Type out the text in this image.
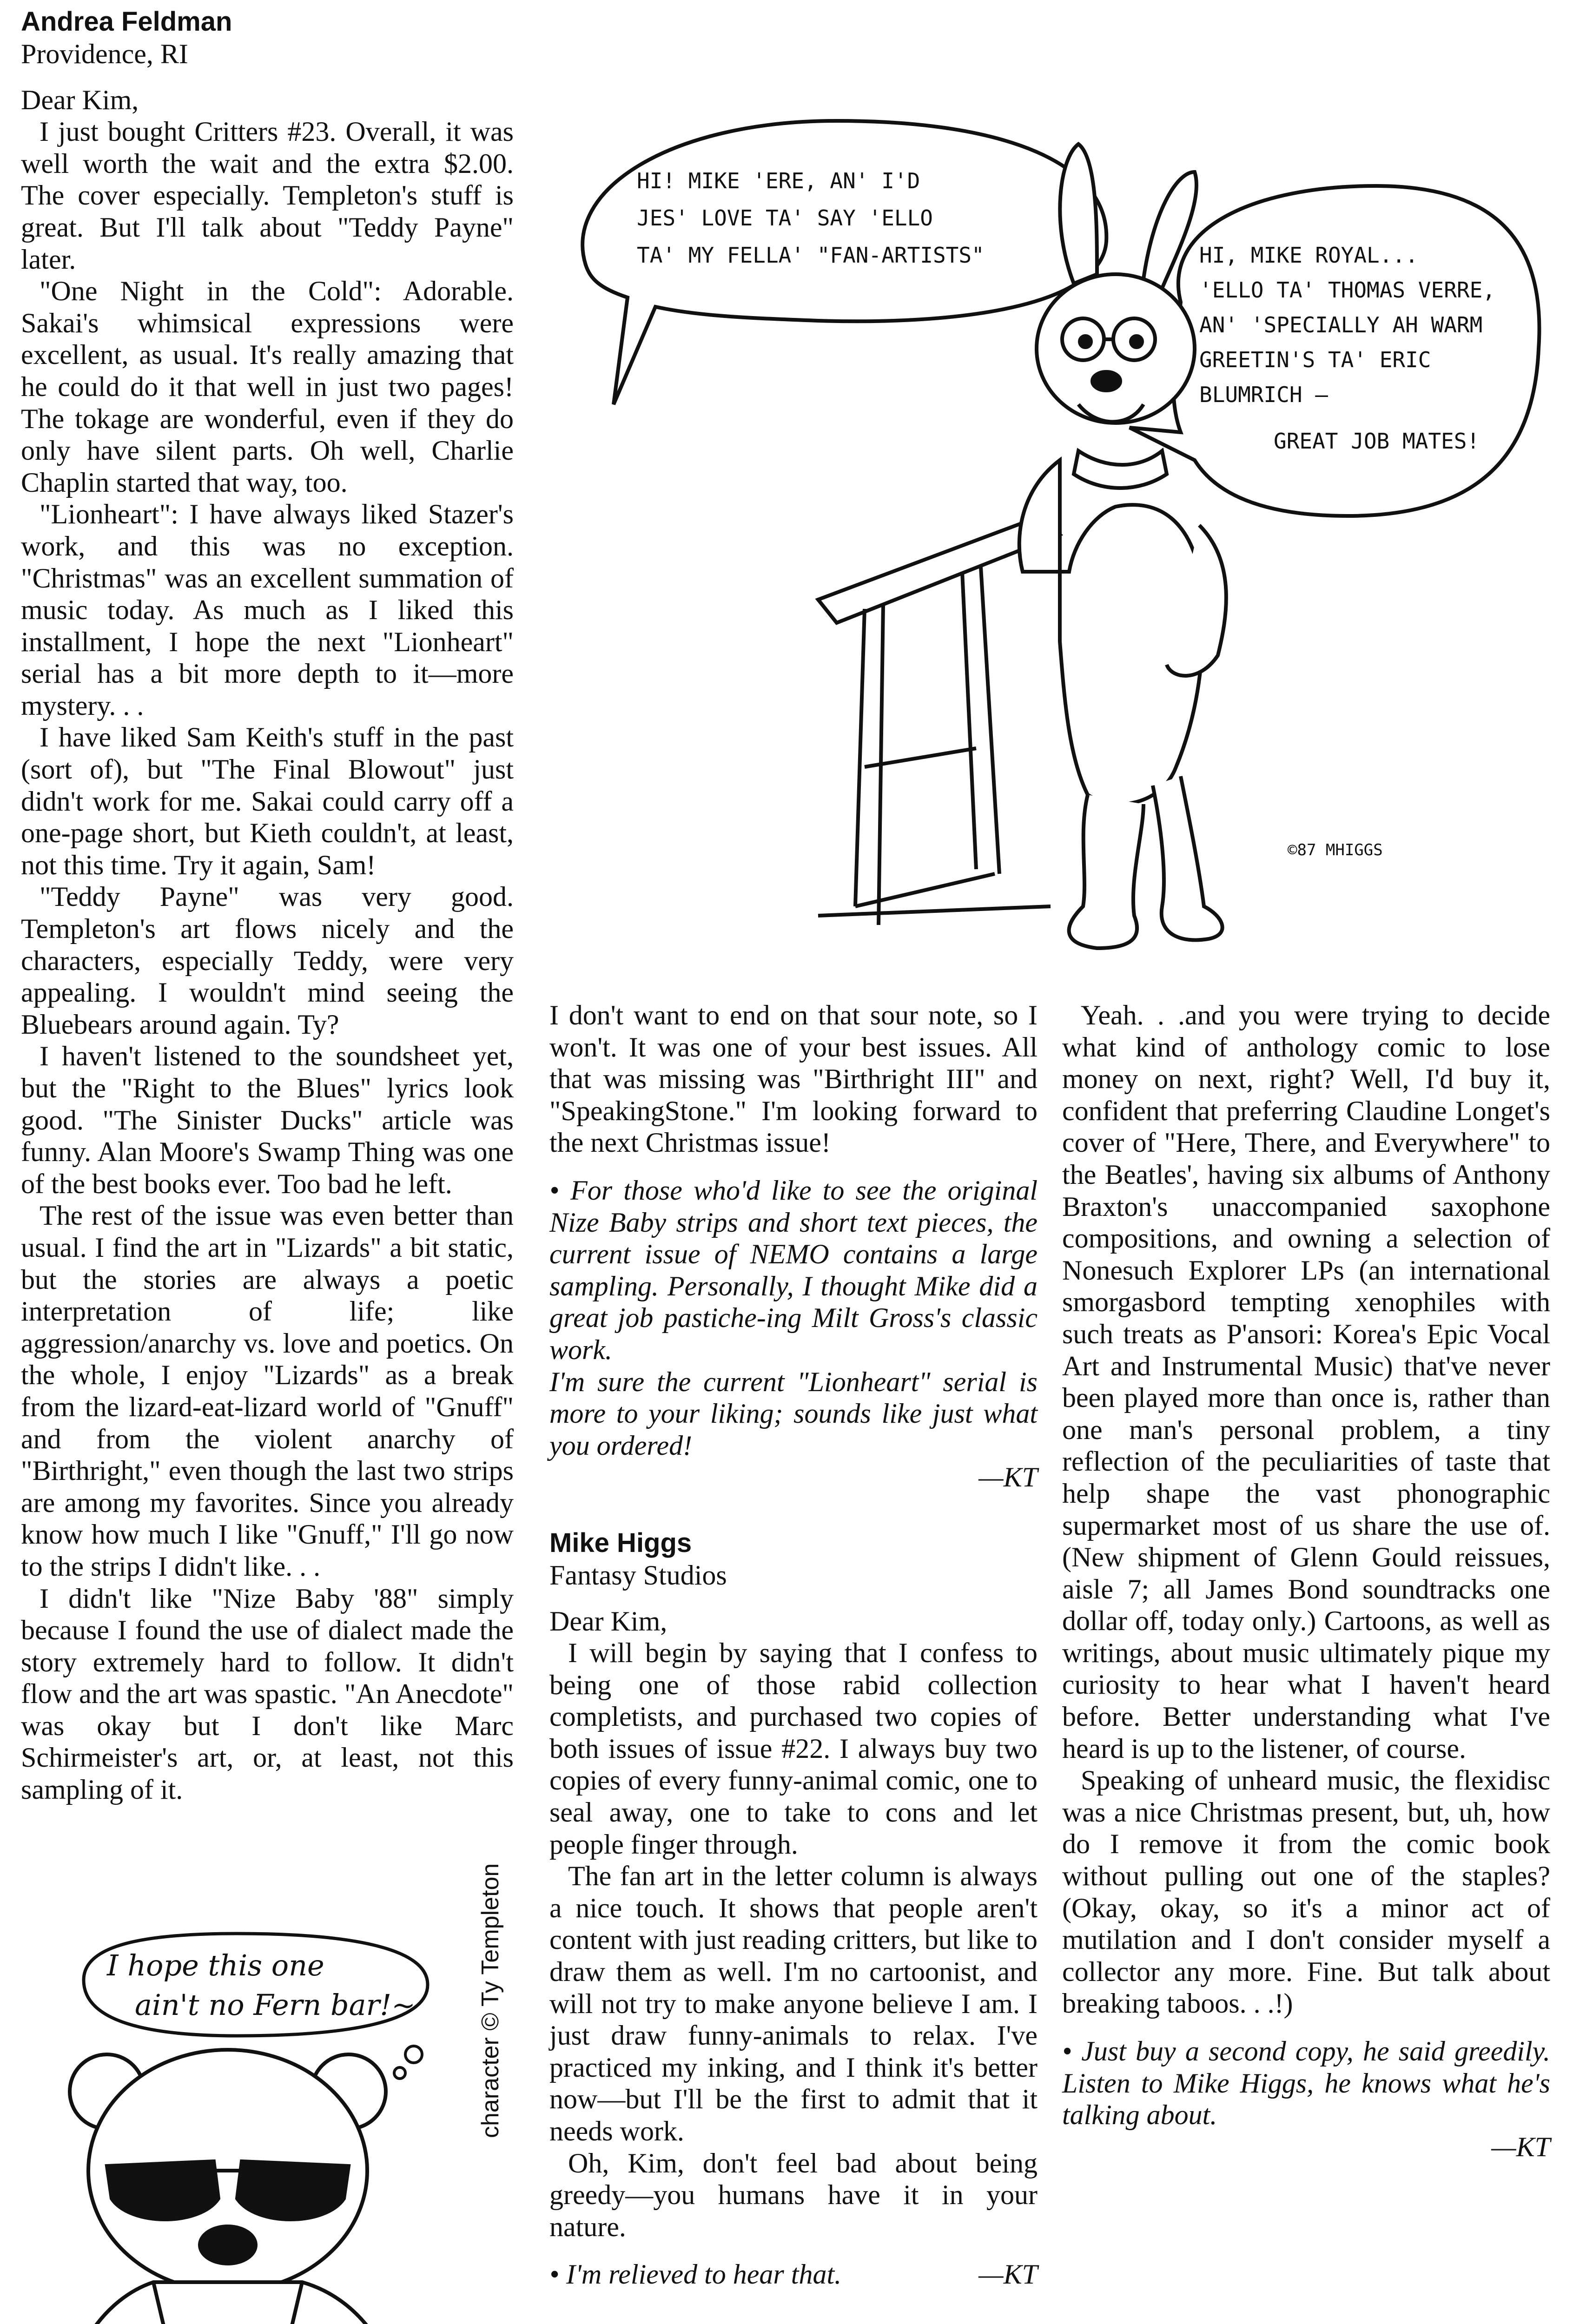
Andrea Feldman

Providence, RI

Dear Kim,

I just bought Critters #23. Overall, it was well worth the wait and the extra $2.00. The cover especially. Templeton's stuff is great. But I'll talk about "Teddy Payne" later.

"One Night in the Cold": Adorable. Sakai's whimsical expressions were excellent, as usual. It's really amazing that he could do it that well in just two pages! The tokage are wonderful, even if they do only have silent parts. Oh well, Charlie Chaplin started that way, too.

"Lionheart": I have always liked Stazer's work, and this was no exception. "Christmas" was an excellent summation of music today. As much as I liked this installment, I hope the next "Lionheart" serial has a bit more depth to it—more mystery. . .

I have liked Sam Keith's stuff in the past (sort of), but "The Final Blowout" just didn't work for me. Sakai could carry off a one-page short, but Kieth couldn't, at least, not this time. Try it again, Sam!

"Teddy Payne" was very good. Templeton's art flows nicely and the characters, especially Teddy, were very appealing. I wouldn't mind seeing the Bluebears around again. Ty?

I haven't listened to the soundsheet yet, but the "Right to the Blues" lyrics look good. "The Sinister Ducks" article was funny. Alan Moore's Swamp Thing was one of the best books ever. Too bad he left.

The rest of the issue was even better than usual. I find the art in "Lizards" a bit static, but the stories are always a poetic interpretation of life; like aggression/anarchy vs. love and poetics. On the whole, I enjoy "Lizards" as a break from the lizard-eat-lizard world of "Gnuff" and from the violent anarchy of "Birthright," even though the last two strips are among my favorites. Since you already know how much I like "Gnuff," I'll go now to the strips I didn't like. . .

I didn't like "Nize Baby '88" simply because I found the use of dialect made the story extremely hard to follow. It didn't flow and the art was spastic. "An Anecdote" was okay but I don't like Marc Schirmeister's art, or, at least, not this sampling of it.

I don't want to end on that sour note, so I won't. It was one of your best issues. All that was missing was "Birthright III" and "SpeakingStone." I'm looking forward to the next Christmas issue!

• For those who'd like to see the original Nize Baby strips and short text pieces, the current issue of NEMO contains a large sampling. Personally, I thought Mike did a great job pastiche-ing Milt Gross's classic work.

I'm sure the current "Lionheart" serial is more to your liking; sounds like just what you ordered!

—KT

Mike Higgs

Fantasy Studios

Dear Kim,

I will begin by saying that I confess to being one of those rabid collection completists, and purchased two copies of both issues of issue #22. I always buy two copies of every funny-animal comic, one to seal away, one to take to cons and let people finger through.

The fan art in the letter column is always a nice touch. It shows that people aren't content with just reading critters, but like to draw them as well. I'm no cartoonist, and will not try to make anyone believe I am. I just draw funny-animals to relax. I've practiced my inking, and I think it's better now—but I'll be the first to admit that it needs work.

Oh, Kim, don't feel bad about being greedy—you humans have it in your nature.

• I'm relieved to hear that.	—KT

Yeah. . .and you were trying to decide what kind of anthology comic to lose money on next, right? Well, I'd buy it, confident that preferring Claudine Longet's cover of "Here, There, and Everywhere" to the Beatles', having six albums of Anthony Braxton's unaccompanied saxophone compositions, and owning a selection of Nonesuch Explorer LPs (an international smorgasbord tempting xenophiles with such treats as P'ansori: Korea's Epic Vocal Art and Instrumental Music) that've never been played more than once is, rather than one man's personal problem, a tiny reflection of the peculiarities of taste that help shape the vast phonographic supermarket most of us share the use of. (New shipment of Glenn Gould reissues, aisle 7; all James Bond soundtracks one dollar off, today only.) Cartoons, as well as writings, about music ultimately pique my curiosity to hear what I haven't heard before. Better understanding what I've heard is up to the listener, of course.

Speaking of unheard music, the flexidisc was a nice Christmas present, but, uh, how do I remove it from the comic book without pulling out one of the staples? (Okay, okay, so it's a minor act of mutilation and I don't consider myself a collector any more. Fine. But talk about breaking taboos. . .!)

• Just buy a second copy, he said greedily. Listen to Mike Higgs, he knows what he's talking about.

—KT

HI! MIKE 'ERE, AN' I'D
JES' LOVE TA' SAY 'ELLO
TA' MY FELLA' "FAN-ARTISTS"	HI, MIKE ROYAL...
'ELLO TA' THOMAS VERRE,
AN' 'SPECIALLY AH WARM
GREETIN'S TA' ERIC
BLUMRICH —
GREAT JOB MATES!
©87 MHIGGS
I hope this one
ain't no Fern bar!~	character © Ty Templeton
